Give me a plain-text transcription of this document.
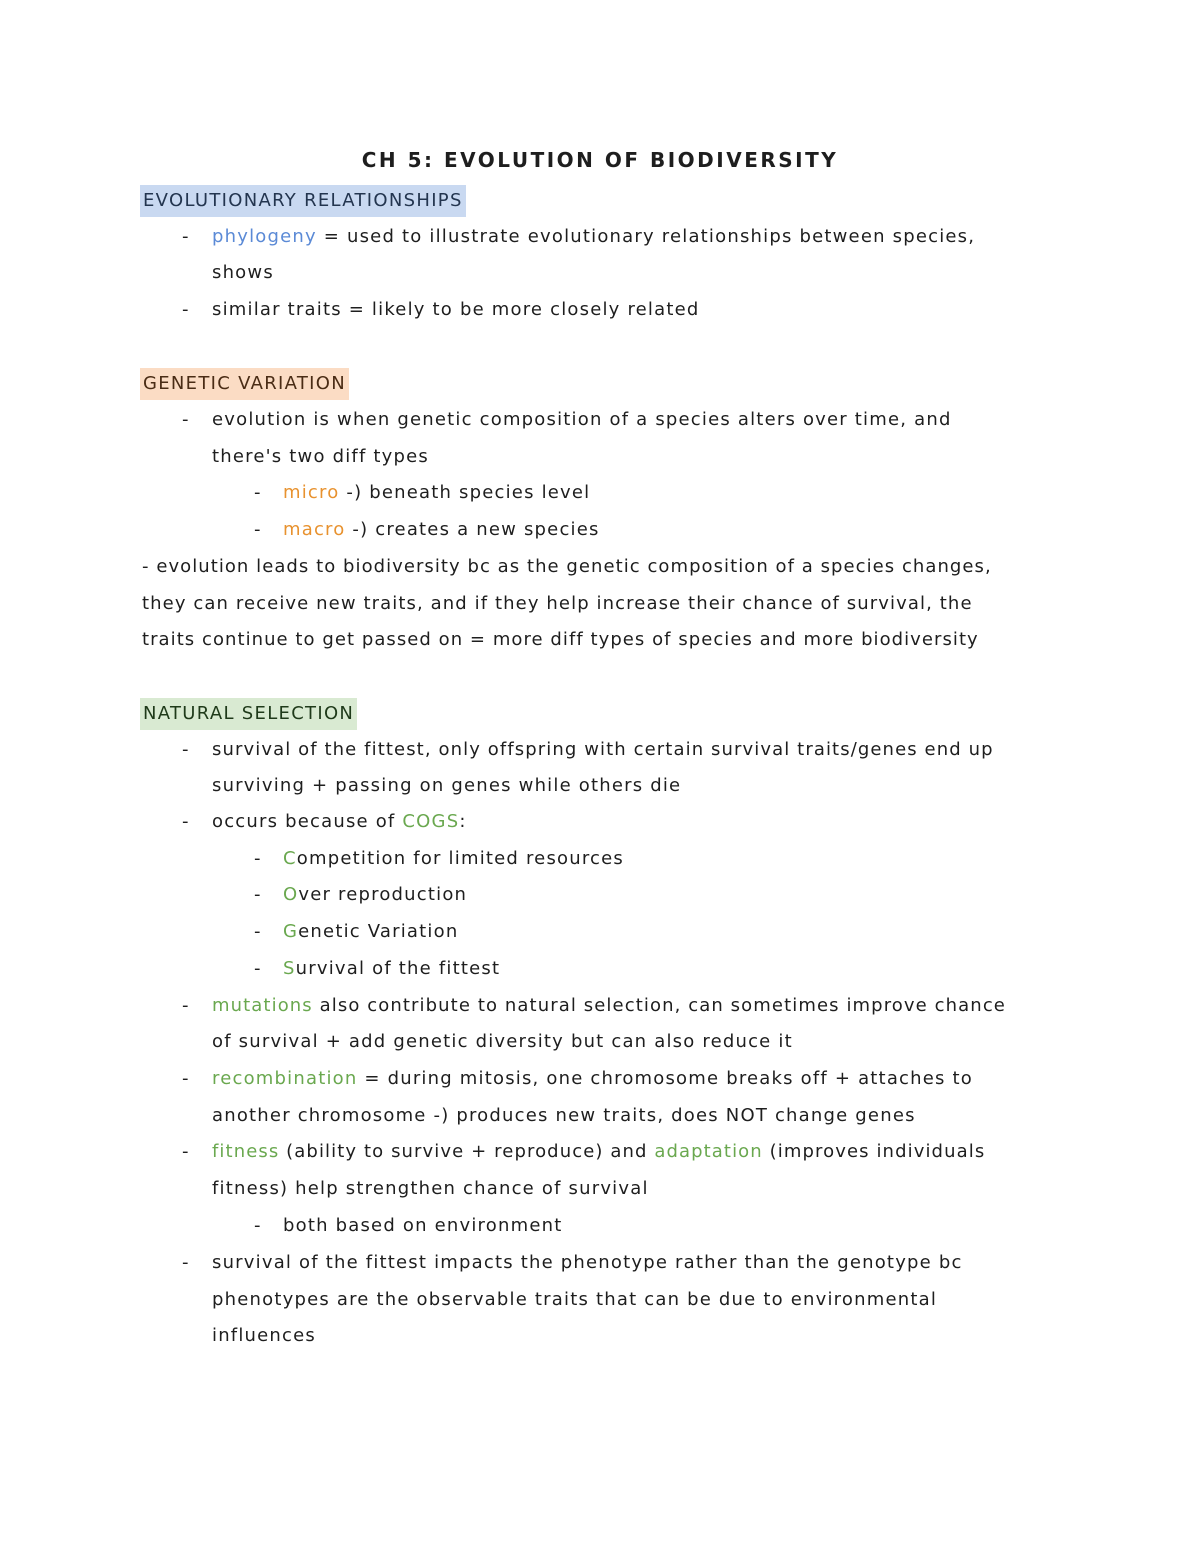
CH 5: EVOLUTION OF BIODIVERSITY
EVOLUTIONARY RELATIONSHIPS
- phylogeny = used to illustrate evolutionary relationships between species,
shows
- similar traits = likely to be more closely related
GENETIC VARIATION
- evolution is when genetic composition of a species alters over time, and
there's two diff types
- micro -) beneath species level
- macro -) creates a new species
- evolution leads to biodiversity bc as the genetic composition of a species changes,
they can receive new traits, and if they help increase their chance of survival, the
traits continue to get passed on = more diff types of species and more biodiversity
NATURAL SELECTION
- survival of the fittest, only offspring with certain survival traits/genes end up
surviving + passing on genes while others die
- occurs because of COGS:
- Competition for limited resources
- Over reproduction
- Genetic Variation
- Survival of the fittest
- mutations also contribute to natural selection, can sometimes improve chance
of survival + add genetic diversity but can also reduce it
- recombination = during mitosis, one chromosome breaks off + attaches to
another chromosome -) produces new traits, does NOT change genes
- fitness (ability to survive + reproduce) and adaptation (improves individuals
fitness) help strengthen chance of survival
- both based on environment
- survival of the fittest impacts the phenotype rather than the genotype bc
phenotypes are the observable traits that can be due to environmental
influences
